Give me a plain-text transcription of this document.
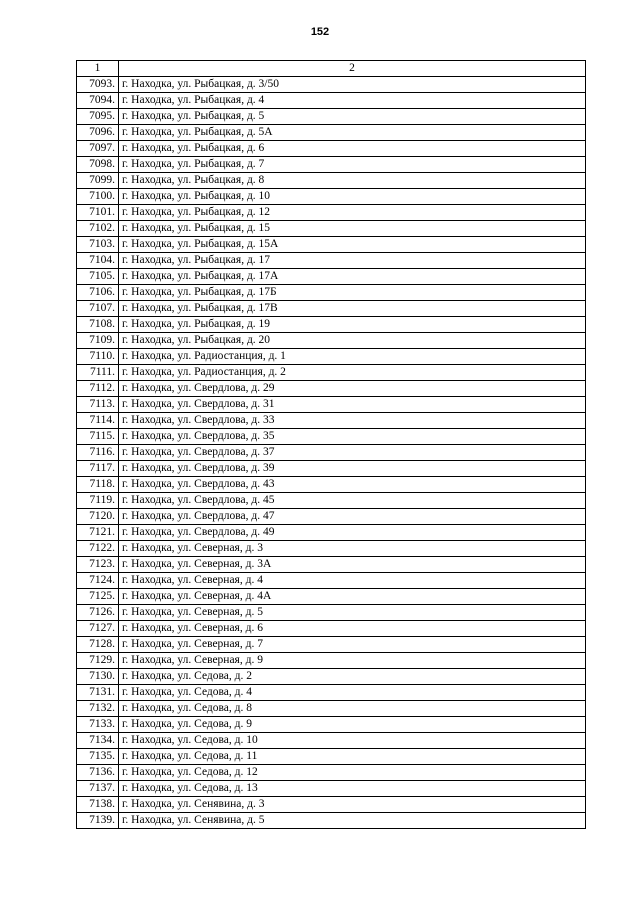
152
1	2
7093.	г. Находка, ул. Рыбацкая, д. 3/50
7094.	г. Находка, ул. Рыбацкая, д. 4
7095.	г. Находка, ул. Рыбацкая, д. 5
7096.	г. Находка, ул. Рыбацкая, д. 5А
7097.	г. Находка, ул. Рыбацкая, д. 6
7098.	г. Находка, ул. Рыбацкая, д. 7
7099.	г. Находка, ул. Рыбацкая, д. 8
7100.	г. Находка, ул. Рыбацкая, д. 10
7101.	г. Находка, ул. Рыбацкая, д. 12
7102.	г. Находка, ул. Рыбацкая, д. 15
7103.	г. Находка, ул. Рыбацкая, д. 15А
7104.	г. Находка, ул. Рыбацкая, д. 17
7105.	г. Находка, ул. Рыбацкая, д. 17А
7106.	г. Находка, ул. Рыбацкая, д. 17Б
7107.	г. Находка, ул. Рыбацкая, д. 17В
7108.	г. Находка, ул. Рыбацкая, д. 19
7109.	г. Находка, ул. Рыбацкая, д. 20
7110.	г. Находка, ул. Радиостанция, д. 1
7111.	г. Находка, ул. Радиостанция, д. 2
7112.	г. Находка, ул. Свердлова, д. 29
7113.	г. Находка, ул. Свердлова, д. 31
7114.	г. Находка, ул. Свердлова, д. 33
7115.	г. Находка, ул. Свердлова, д. 35
7116.	г. Находка, ул. Свердлова, д. 37
7117.	г. Находка, ул. Свердлова, д. 39
7118.	г. Находка, ул. Свердлова, д. 43
7119.	г. Находка, ул. Свердлова, д. 45
7120.	г. Находка, ул. Свердлова, д. 47
7121.	г. Находка, ул. Свердлова, д. 49
7122.	г. Находка, ул. Северная, д. 3
7123.	г. Находка, ул. Северная, д. 3А
7124.	г. Находка, ул. Северная, д. 4
7125.	г. Находка, ул. Северная, д. 4А
7126.	г. Находка, ул. Северная, д. 5
7127.	г. Находка, ул. Северная, д. 6
7128.	г. Находка, ул. Северная, д. 7
7129.	г. Находка, ул. Северная, д. 9
7130.	г. Находка, ул. Седова, д. 2
7131.	г. Находка, ул. Седова, д. 4
7132.	г. Находка, ул. Седова, д. 8
7133.	г. Находка, ул. Седова, д. 9
7134.	г. Находка, ул. Седова, д. 10
7135.	г. Находка, ул. Седова, д. 11
7136.	г. Находка, ул. Седова, д. 12
7137.	г. Находка, ул. Седова, д. 13
7138.	г. Находка, ул. Сенявина, д. 3
7139.	г. Находка, ул. Сенявина, д. 5
